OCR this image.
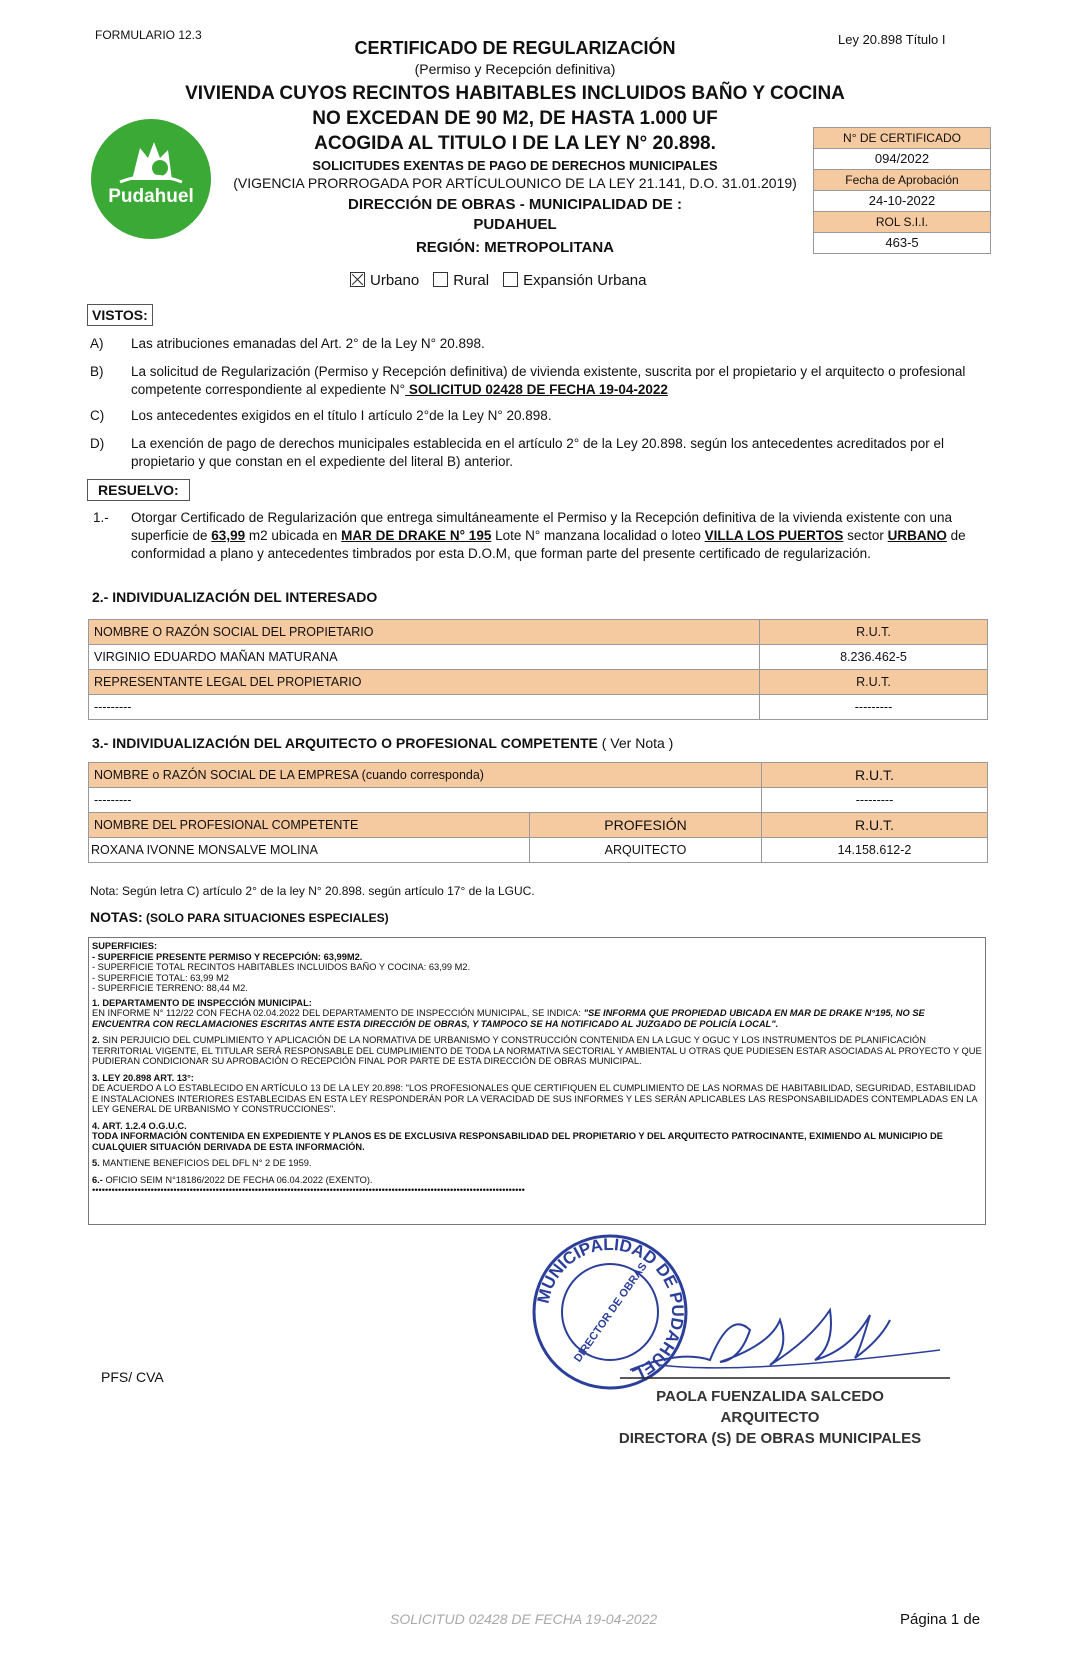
FORMULARIO 12.3	Ley 20.898 Título I
CERTIFICADO DE REGULARIZACIÓN
(Permiso y Recepción definitiva)
VIVIENDA CUYOS RECINTOS HABITABLES INCLUIDOS BAÑO Y COCINA
NO EXCEDAN DE 90 M2, DE HASTA 1.000 UF
ACOGIDA AL TITULO I DE LA LEY N° 20.898.
SOLICITUDES EXENTAS DE PAGO DE DERECHOS MUNICIPALES
(VIGENCIA PRORROGADA POR ARTÍCULOUNICO DE LA LEY 21.141, D.O. 31.01.2019)
DIRECCIÓN DE OBRAS - MUNICIPALIDAD DE :
PUDAHUEL
REGIÓN: METROPOLITANA
Pudahuel
N° DE CERTIFICADO
094/2022
Fecha de Aprobación
24-10-2022
ROL S.I.I.
463-5
Urbano	Rural	Expansión Urbana
VISTOS:
A)	Las atribuciones emanadas del Art. 2° de la Ley N° 20.898.
B)	La solicitud de Regularización (Permiso y Recepción definitiva) de vivienda existente, suscrita por el propietario y el arquitecto o profesional competente correspondiente al expediente N° SOLICITUD 02428 DE FECHA 19-04-2022
C)	Los antecedentes exigidos en el título I artículo 2°de la Ley N° 20.898.
D)	La exención de pago de derechos municipales establecida en el artículo 2° de la Ley 20.898. según los antecedentes acreditados por el propietario y que constan en el expediente del literal B) anterior.
RESUELVO:
1.-	Otorgar Certificado de Regularización que entrega simultáneamente el Permiso y la Recepción definitiva de la vivienda existente con una superficie de 63,99 m2 ubicada en MAR DE DRAKE N° 195 Lote N° manzana localidad o loteo VILLA LOS PUERTOS sector URBANO de conformidad a plano y antecedentes timbrados por esta D.O.M, que forman parte del presente certificado de regularización.
2.- INDIVIDUALIZACIÓN DEL INTERESADO
NOMBRE O RAZÓN SOCIAL DEL PROPIETARIO	R.U.T.
VIRGINIO EDUARDO MAÑAN MATURANA	8.236.462-5
REPRESENTANTE LEGAL DEL PROPIETARIO	R.U.T.
---------	---------
3.- INDIVIDUALIZACIÓN DEL ARQUITECTO O PROFESIONAL COMPETENTE ( Ver Nota )
NOMBRE o RAZÓN SOCIAL DE LA EMPRESA (cuando corresponda)		R.U.T.
---------		---------
NOMBRE DEL PROFESIONAL COMPETENTE	PROFESIÓN	R.U.T.
ROXANA IVONNE MONSALVE MOLINA	ARQUITECTO	14.158.612-2
Nota: Según letra C) artículo 2° de la ley N° 20.898. según artículo 17° de la LGUC.
NOTAS: (SOLO PARA SITUACIONES ESPECIALES)

SUPERFICIES:
- SUPERFICIE PRESENTE PERMISO Y RECEPCIÓN: 63,99M2.
- SUPERFICIE TOTAL RECINTOS HABITABLES INCLUIDOS BAÑO Y COCINA: 63,99 M2.
- SUPERFICIE TOTAL: 63,99 M2
- SUPERFICIE TERRENO: 88,44 M2.

1. DEPARTAMENTO DE INSPECCIÓN MUNICIPAL:
EN INFORME N° 112/22 CON FECHA 02.04.2022 DEL DEPARTAMENTO DE INSPECCIÓN MUNICIPAL, SE INDICA: "SE INFORMA QUE PROPIEDAD UBICADA EN MAR DE DRAKE N°195, NO SE ENCUENTRA CON RECLAMACIONES ESCRITAS ANTE ESTA DIRECCIÓN DE OBRAS, Y TAMPOCO SE HA NOTIFICADO AL JUZGADO DE POLICÍA LOCAL".

2. SIN PERJUICIO DEL CUMPLIMIENTO Y APLICACIÓN DE LA NORMATIVA DE URBANISMO Y CONSTRUCCIÓN CONTENIDA EN LA LGUC Y OGUC Y LOS INSTRUMENTOS DE PLANIFICACIÓN TERRITORIAL VIGENTE, EL TITULAR SERÁ RESPONSABLE DEL CUMPLIMIENTO DE TODA LA NORMATIVA SECTORIAL Y AMBIENTAL U OTRAS QUE PUDIESEN ESTAR ASOCIADAS AL PROYECTO Y QUE PUDIERAN CONDICIONAR SU APROBACIÓN O RECEPCIÓN FINAL POR PARTE DE ESTA DIRECCIÓN DE OBRAS MUNICIPAL.

3. LEY 20.898 ART. 13°:
DE ACUERDO A LO ESTABLECIDO EN ARTÍCULO 13 DE LA LEY 20.898: "LOS PROFESIONALES QUE CERTIFIQUEN EL CUMPLIMIENTO DE LAS NORMAS DE HABITABILIDAD, SEGURIDAD, ESTABILIDAD E INSTALACIONES INTERIORES ESTABLECIDAS EN ESTA LEY RESPONDERÁN POR LA VERACIDAD DE SUS INFORMES Y LES SERÁN APLICABLES LAS RESPONSABILIDADES CONTEMPLADAS EN LA LEY GENERAL DE URBANISMO Y CONSTRUCCIONES".

4. ART. 1.2.4 O.G.U.C.
TODA INFORMACIÓN CONTENIDA EN EXPEDIENTE Y PLANOS ES DE EXCLUSIVA RESPONSABILIDAD DEL PROPIETARIO Y DEL ARQUITECTO PATROCINANTE, EXIMIENDO AL MUNICIPIO DE CUALQUIER SITUACIÓN DERIVADA DE ESTA INFORMACIÓN.

5. MANTIENE BENEFICIOS DEL DFL N° 2 DE 1959.

6.- OFICIO SEIM N°18186/2022 DE FECHA 06.04.2022 (EXENTO).

•••••••••••••••••••••••••••••••••••••••••••••••••••••••••••••••••••••••••••••••••••••••••••••••••••••••••••••••••••••••••••••••••••••
PFS/ CVA
MUNICIPALIDAD DE PUDAHUEL
DIRECTOR DE OBRAS
PAOLA FUENZALIDA SALCEDO
ARQUITECTO
DIRECTORA (S) DE OBRAS MUNICIPALES
SOLICITUD 02428 DE FECHA 19-04-2022	Página 1 de
